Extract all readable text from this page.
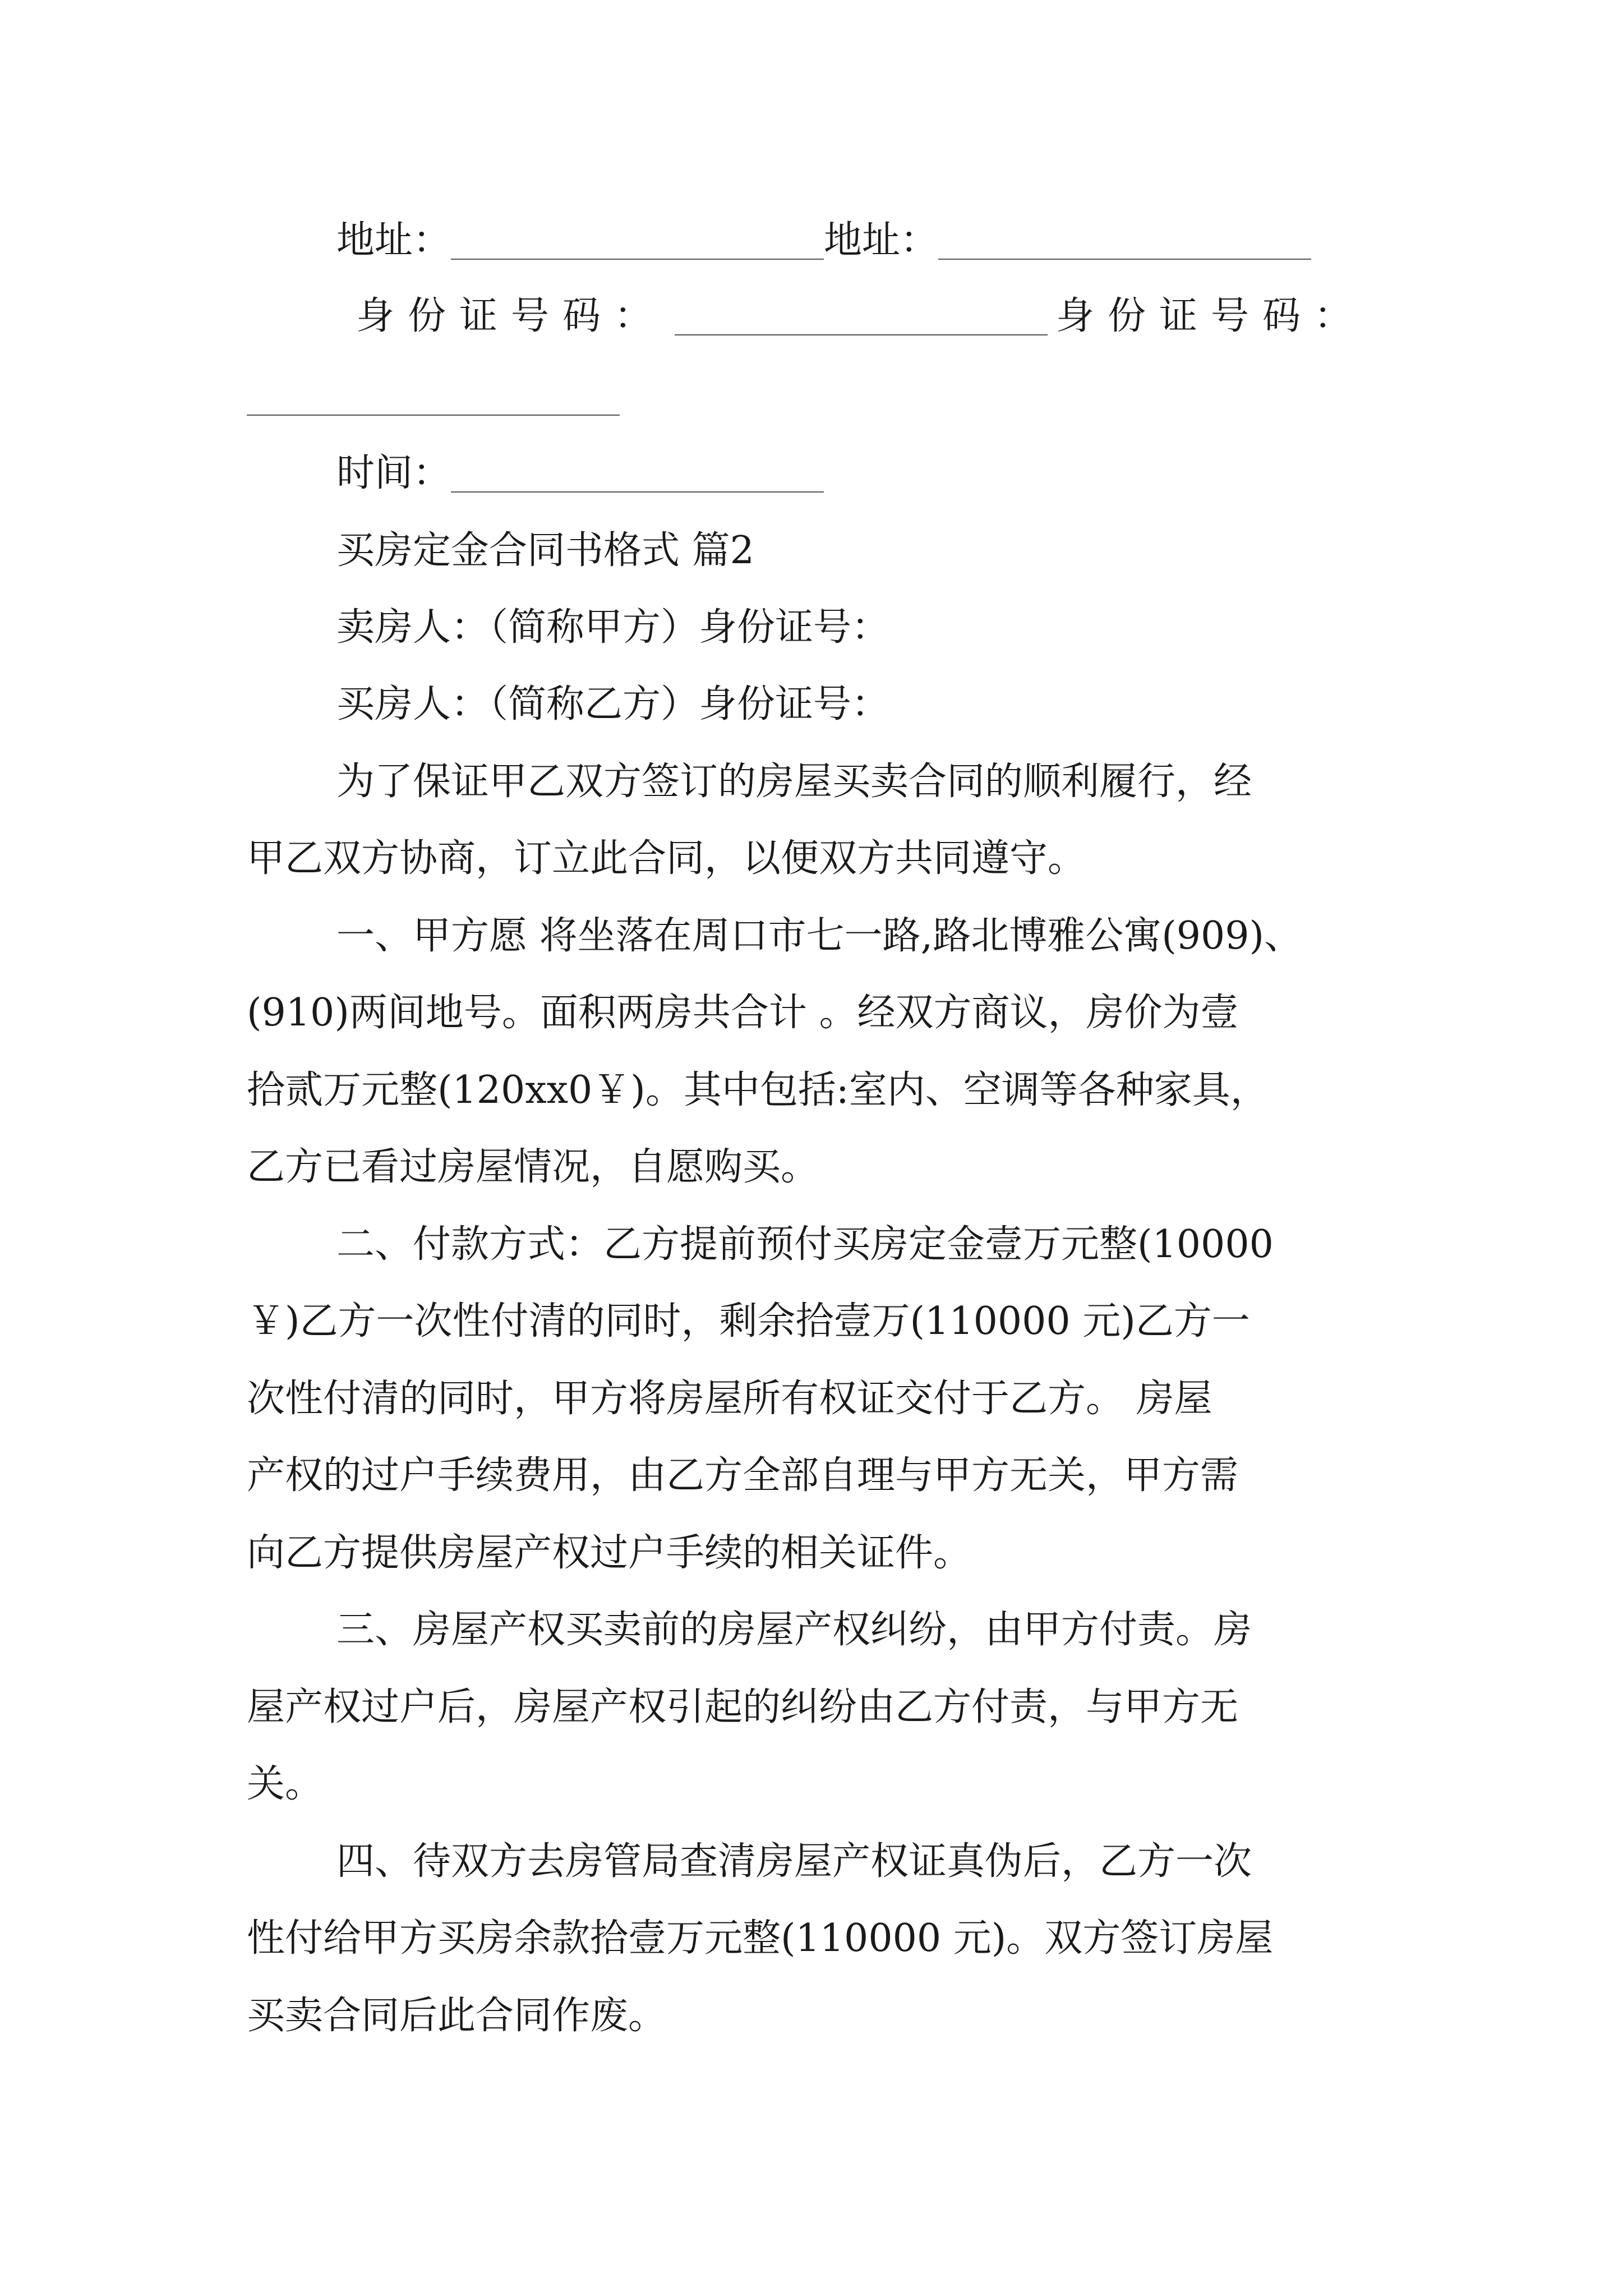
地址：	地址：
身份证号码：	身份证号码：
时间：
买房定金合同书格式 篇2
卖房人：（简称甲方）身份证号：
买房人：（简称乙方）身份证号：
为了保证甲乙双方签订的房屋买卖合同的顺利履行，经
甲乙双方协商，订立此合同，以便双方共同遵守。
一、甲方愿 将坐落在周口市七一路,路北博雅公寓(909)、
(910)两间地号。面积两房共合计 。经双方商议，房价为壹
拾贰万元整(120xx0￥)。其中包括:室内、空调等各种家具，
乙方已看过房屋情况，自愿购买。
二、付款方式：乙方提前预付买房定金壹万元整(10000
￥)乙方一次性付清的同时，剩余拾壹万(110000 元)乙方一
次性付清的同时，甲方将房屋所有权证交付于乙方。 房屋
产权的过户手续费用，由乙方全部自理与甲方无关，甲方需
向乙方提供房屋产权过户手续的相关证件。
三、房屋产权买卖前的房屋产权纠纷，由甲方付责。房
屋产权过户后，房屋产权引起的纠纷由乙方付责，与甲方无
关。
四、待双方去房管局查清房屋产权证真伪后，乙方一次
性付给甲方买房余款拾壹万元整(110000 元)。双方签订房屋
买卖合同后此合同作废。
